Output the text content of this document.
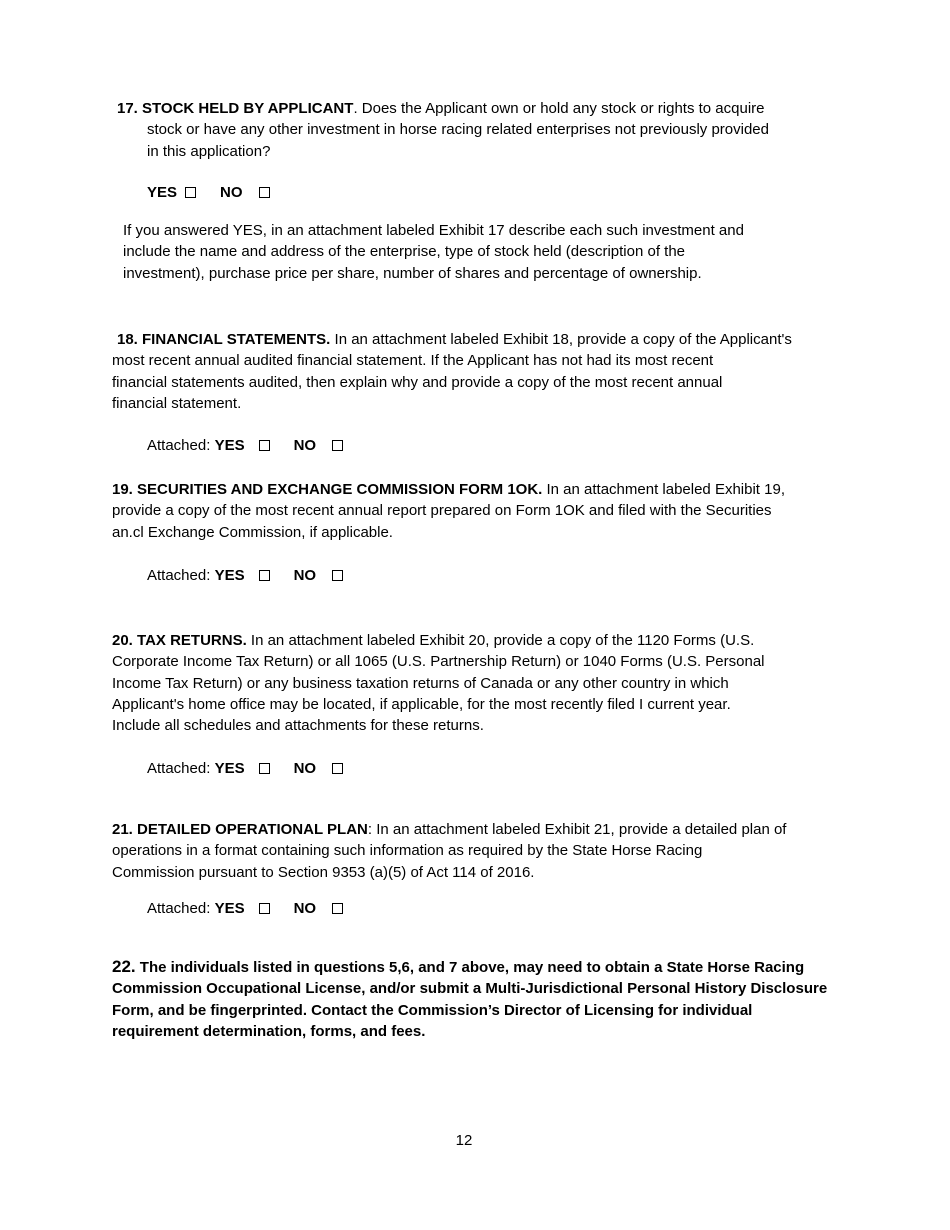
17. STOCK HELD BY APPLICANT. Does the Applicant own or hold any stock or rights to acquire
stock or have any other investment in horse racing related enterprises not previously provided
in this application?
YES	NO
If you answered YES, in an attachment labeled Exhibit 17 describe each such investment and
include the name and address of the enterprise, type of stock held (description of the
investment), purchase price per share, number of shares and percentage of ownership.
18. FINANCIAL STATEMENTS. In an attachment labeled Exhibit 18, provide a copy of the Applicant's
most recent annual audited financial statement. If the Applicant has not had its most recent
financial statements audited, then explain why and provide a copy of the most recent annual
financial statement.
Attached: YES	NO
19. SECURITIES AND EXCHANGE COMMISSION FORM 1OK. In an attachment labeled Exhibit 19,
provide a copy of the most recent annual report prepared on Form 1OK and filed with the Securities
an.cl Exchange Commission, if applicable.
Attached: YES	NO
20. TAX RETURNS. In an attachment labeled Exhibit 20, provide a copy of the 1120 Forms (U.S.
Corporate Income Tax Return) or all 1065 (U.S. Partnership Return) or 1040 Forms (U.S. Personal
Income Tax Return) or any business taxation returns of Canada or any other country in which
Applicant's home office may be located, if applicable, for the most recently filed I current year.
Include all schedules and attachments for these returns.
Attached: YES	NO
21. DETAILED OPERATIONAL PLAN: In an attachment labeled Exhibit 21, provide a detailed plan of
operations in a format containing such information as required by the State Horse Racing
Commission pursuant to Section 9353 (a)(5) of Act 114 of 2016.
Attached: YES	NO
22. The individuals listed in questions 5,6, and 7 above, may need to obtain a State Horse Racing
Commission Occupational License, and/or submit a Multi-Jurisdictional Personal History Disclosure
Form, and be fingerprinted. Contact the Commission’s Director of Licensing for individual
requirement determination, forms, and fees.
12
